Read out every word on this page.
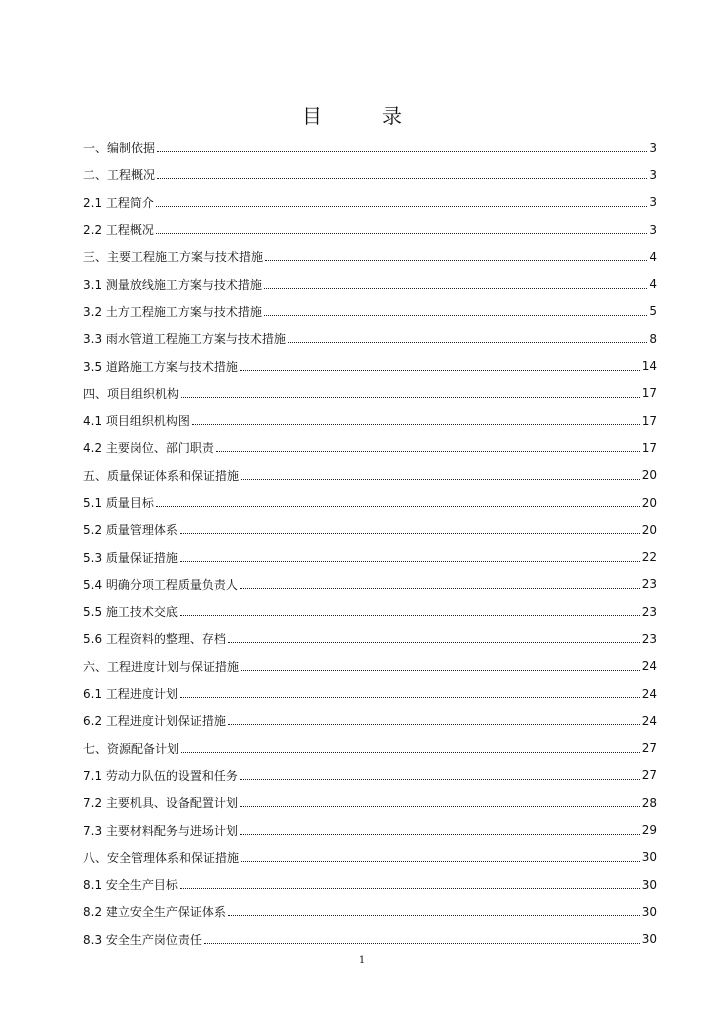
目　录
一、编制依据	3
二、工程概况	3
2.1 工程简介	3
2.2 工程概况	3
三、主要工程施工方案与技术措施	4
3.1 测量放线施工方案与技术措施	4
3.2 土方工程施工方案与技术措施	5
3.3 雨水管道工程施工方案与技术措施	8
3.5 道路施工方案与技术措施	14
四、项目组织机构	17
4.1 项目组织机构图	17
4.2 主要岗位、部门职责	17
五、质量保证体系和保证措施	20
5.1 质量目标	20
5.2 质量管理体系	20
5.3 质量保证措施	22
5.4 明确分项工程质量负责人	23
5.5 施工技术交底	23
5.6 工程资料的整理、存档	23
六、工程进度计划与保证措施	24
6.1 工程进度计划	24
6.2 工程进度计划保证措施	24
七、资源配备计划	27
7.1 劳动力队伍的设置和任务	27
7.2 主要机具、设备配置计划	28
7.3 主要材料配务与进场计划	29
八、安全管理体系和保证措施	30
8.1 安全生产目标	30
8.2 建立安全生产保证体系	30
8.3 安全生产岗位责任	30
1
